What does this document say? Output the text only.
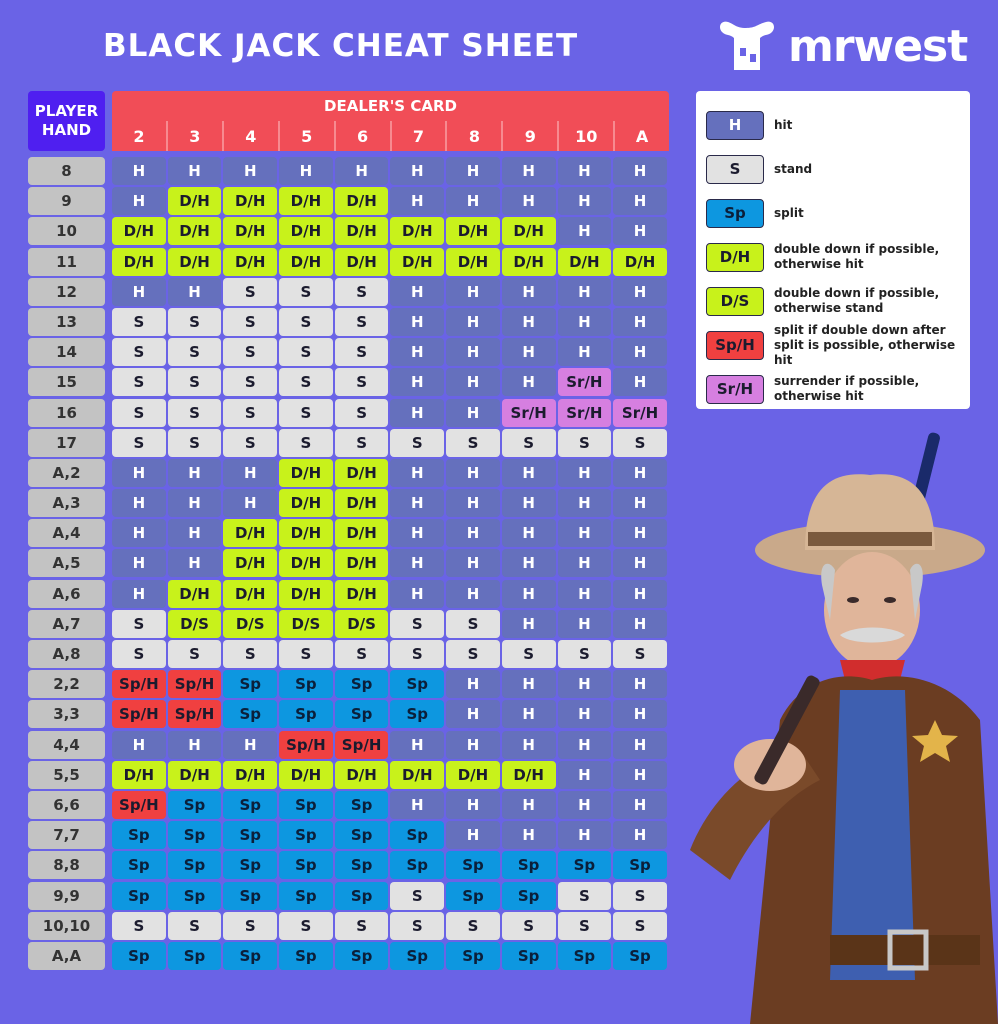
BLACK JACK CHEAT SHEET	mrwest
PLAYER
HAND
DEALER'S CARD
2	3	4	5	6	7	8	9	10	A
8	H	H	H	H	H	H	H	H	H	H
9	H	D/H	D/H	D/H	D/H	H	H	H	H	H
10	D/H	D/H	D/H	D/H	D/H	D/H	D/H	D/H	H	H
11	D/H	D/H	D/H	D/H	D/H	D/H	D/H	D/H	D/H	D/H
12	H	H	S	S	S	H	H	H	H	H
13	S	S	S	S	S	H	H	H	H	H
14	S	S	S	S	S	H	H	H	H	H
15	S	S	S	S	S	H	H	H	Sr/H	H
16	S	S	S	S	S	H	H	Sr/H	Sr/H	Sr/H
17	S	S	S	S	S	S	S	S	S	S
A,2	H	H	H	D/H	D/H	H	H	H	H	H
A,3	H	H	H	D/H	D/H	H	H	H	H	H
A,4	H	H	D/H	D/H	D/H	H	H	H	H	H
A,5	H	H	D/H	D/H	D/H	H	H	H	H	H
A,6	H	D/H	D/H	D/H	D/H	H	H	H	H	H
A,7	S	D/S	D/S	D/S	D/S	S	S	H	H	H
A,8	S	S	S	S	S	S	S	S	S	S
2,2	Sp/H	Sp/H	Sp	Sp	Sp	Sp	H	H	H	H
3,3	Sp/H	Sp/H	Sp	Sp	Sp	Sp	H	H	H	H
4,4	H	H	H	Sp/H	Sp/H	H	H	H	H	H
5,5	D/H	D/H	D/H	D/H	D/H	D/H	D/H	D/H	H	H
6,6	Sp/H	Sp	Sp	Sp	Sp	H	H	H	H	H
7,7	Sp	Sp	Sp	Sp	Sp	Sp	H	H	H	H
8,8	Sp	Sp	Sp	Sp	Sp	Sp	Sp	Sp	Sp	Sp
9,9	Sp	Sp	Sp	Sp	Sp	S	Sp	Sp	S	S
10,10	S	S	S	S	S	S	S	S	S	S
A,A	Sp	Sp	Sp	Sp	Sp	Sp	Sp	Sp	Sp	Sp
H	hit
S	stand
Sp	split
D/H	double down if possible, otherwise hit
D/S	double down if possible, otherwise stand
Sp/H
split if double down after split is possible, otherwise hit
Sr/H	surrender if possible, otherwise hit
